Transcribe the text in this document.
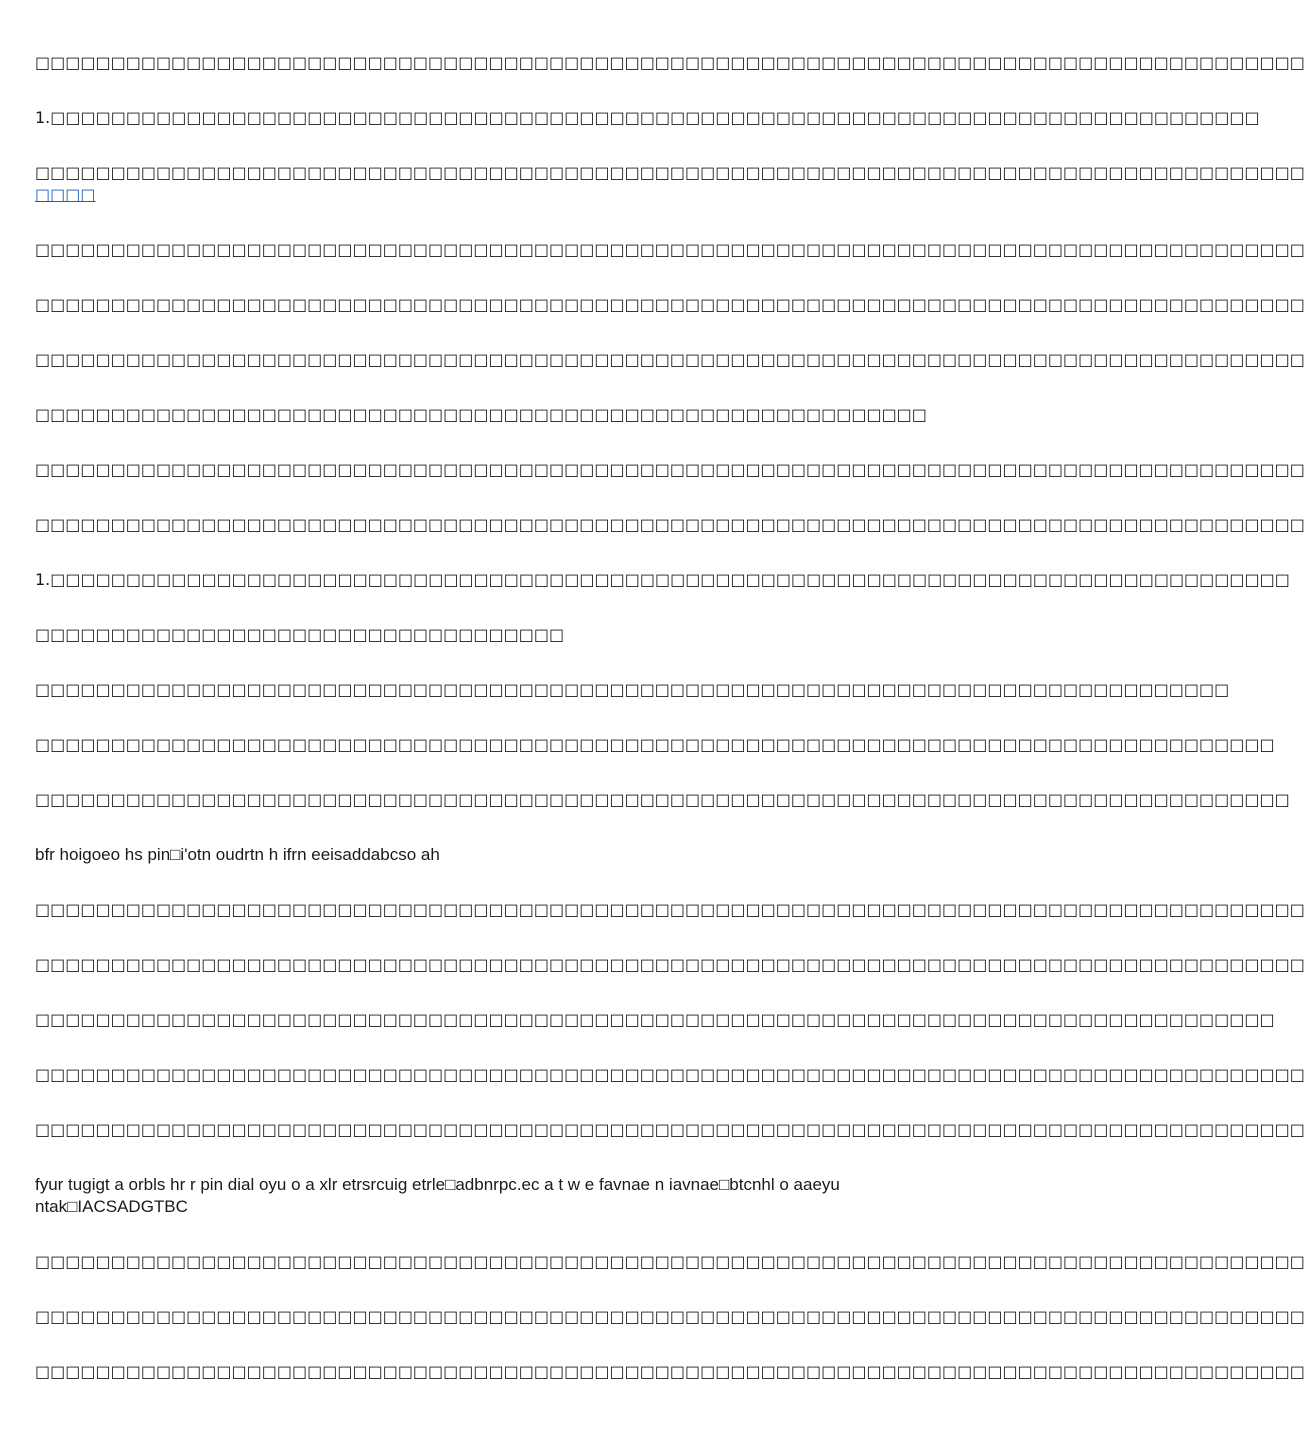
□□□□□□□□□□□□□□□□□□□□□□□□□□□□□□□□□□□□□□□□□□□□□□□□□□□□□□□□□□□□□□□□□□□□□□□□□□□□□□□□□□□□

1.□□□□□□□□□□□□□□□□□□□□□□□□□□□□□□□□□□□□□□□□□□□□□□□□□□□□□□□□□□□□□□□□□□□□□□□□□□□□□□□□

□□□□□□□□□□□□□□□□□□□□□□□□□□□□□□□□□□□□□□□□□□□□□□□□□□□□□□□□□□□□□□□□□□□□□□□□□□□□□□□□□□□□
□□□□

□□□□□□□□□□□□□□□□□□□□□□□□□□□□□□□□□□□□□□□□□□□□□□□□□□□□□□□□□□□□□□□□□□□□□□□□□□□□□□□□□□□□

□□□□□□□□□□□□□□□□□□□□□□□□□□□□□□□□□□□□□□□□□□□□□□□□□□□□□□□□□□□□□□□□□□□□□□□□□□□□□□□□□□□□

□□□□□□□□□□□□□□□□□□□□□□□□□□□□□□□□□□□□□□□□□□□□□□□□□□□□□□□□□□□□□□□□□□□□□□□□□□□□□□□□□□□□

□□□□□□□□□□□□□□□□□□□□□□□□□□□□□□□□□□□□□□□□□□□□□□□□□□□□□□□□□□□

□□□□□□□□□□□□□□□□□□□□□□□□□□□□□□□□□□□□□□□□□□□□□□□□□□□□□□□□□□□□□□□□□□□□□□□□□□□□□□□□□□□□

□□□□□□□□□□□□□□□□□□□□□□□□□□□□□□□□□□□□□□□□□□□□□□□□□□□□□□□□□□□□□□□□□□□□□□□□□□□□□□□□□□□□

1.□□□□□□□□□□□□□□□□□□□□□□□□□□□□□□□□□□□□□□□□□□□□□□□□□□□□□□□□□□□□□□□□□□□□□□□□□□□□□□□□□□

□□□□□□□□□□□□□□□□□□□□□□□□□□□□□□□□□□□

□□□□□□□□□□□□□□□□□□□□□□□□□□□□□□□□□□□□□□□□□□□□□□□□□□□□□□□□□□□□□□□□□□□□□□□□□□□□□□□

□□□□□□□□□□□□□□□□□□□□□□□□□□□□□□□□□□□□□□□□□□□□□□□□□□□□□□□□□□□□□□□□□□□□□□□□□□□□□□□□□□

□□□□□□□□□□□□□□□□□□□□□□□□□□□□□□□□□□□□□□□□□□□□□□□□□□□□□□□□□□□□□□□□□□□□□□□□□□□□□□□□□□□

bfr hoigoeo hs pin□i'otn oudrtn h ifrn eeisaddabcso ah

□□□□□□□□□□□□□□□□□□□□□□□□□□□□□□□□□□□□□□□□□□□□□□□□□□□□□□□□□□□□□□□□□□□□□□□□□□□□□□□□□□□□

□□□□□□□□□□□□□□□□□□□□□□□□□□□□□□□□□□□□□□□□□□□□□□□□□□□□□□□□□□□□□□□□□□□□□□□□□□□□□□□□□□□□

□□□□□□□□□□□□□□□□□□□□□□□□□□□□□□□□□□□□□□□□□□□□□□□□□□□□□□□□□□□□□□□□□□□□□□□□□□□□□□□□□□

□□□□□□□□□□□□□□□□□□□□□□□□□□□□□□□□□□□□□□□□□□□□□□□□□□□□□□□□□□□□□□□□□□□□□□□□□□□□□□□□□□□□

□□□□□□□□□□□□□□□□□□□□□□□□□□□□□□□□□□□□□□□□□□□□□□□□□□□□□□□□□□□□□□□□□□□□□□□□□□□□□□□□□□□□

fyur tugigt a orbls hr r pin dial oyu o a xlr etrsrcuig etrle□adbnrpc.ec a t w e favnae n iavnae□btcnhl o aaeyu ntak□IACSADGTBC

□□□□□□□□□□□□□□□□□□□□□□□□□□□□□□□□□□□□□□□□□□□□□□□□□□□□□□□□□□□□□□□□□□□□□□□□□□□□□□□□□□□□

□□□□□□□□□□□□□□□□□□□□□□□□□□□□□□□□□□□□□□□□□□□□□□□□□□□□□□□□□□□□□□□□□□□□□□□□□□□□□□□□□□□□

□□□□□□□□□□□□□□□□□□□□□□□□□□□□□□□□□□□□□□□□□□□□□□□□□□□□□□□□□□□□□□□□□□□□□□□□□□□□□□□□□□□□
